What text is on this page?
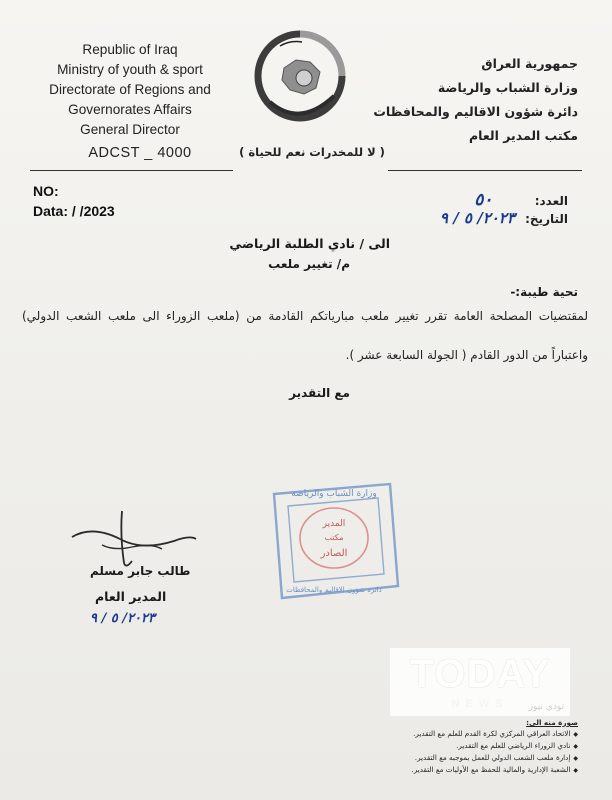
Republic of Iraq
Ministry of youth & sport
Directorate of Regions and
Governorates Affairs
General Director
ADCST _ 4000	( لا للمخدرات نعم للحياة )
جمهورية العراق
وزارة الشباب والرياضة
دائرة شؤون الاقاليم والمحافظات
مكتب المدير العام
NO:
Data: / /2023
العدد: ٥٠
التاريخ: ٢٠٢٣/ ٥ / ٩
الى / نادي الطلبة الرياضي
م/ تغيير ملعب
تحية طيبة:-
لمقتضيات المصلحة العامة تقرر تغيير ملعب مبارياتكم القادمة من (ملعب الزوراء الى ملعب الشعب الدولي) واعتباراً من الدور القادم ( الجولة السابعة عشر ).
مع التقدير
طالب جابر مسلم
المدير العام
٢٠٢٣/ ٥ / ٩
وزارة الشباب والرياضة
المدير
مكتب
الصادر
دائرة شؤون الاقاليم والمحافظات
TODAY
NEWS	تودي نيوز
صورة منه الى:
◆الاتحاد العراقي المركزي لكرة القدم للعلم مع التقدير.
◆نادي الزوراء الرياضي للعلم مع التقدير.
◆إدارة ملعب الشعب الدولي للعمل بموجبه مع التقدير.
◆الشعبة الإدارية والمالية للحفظ مع الأوليات مع التقدير.
